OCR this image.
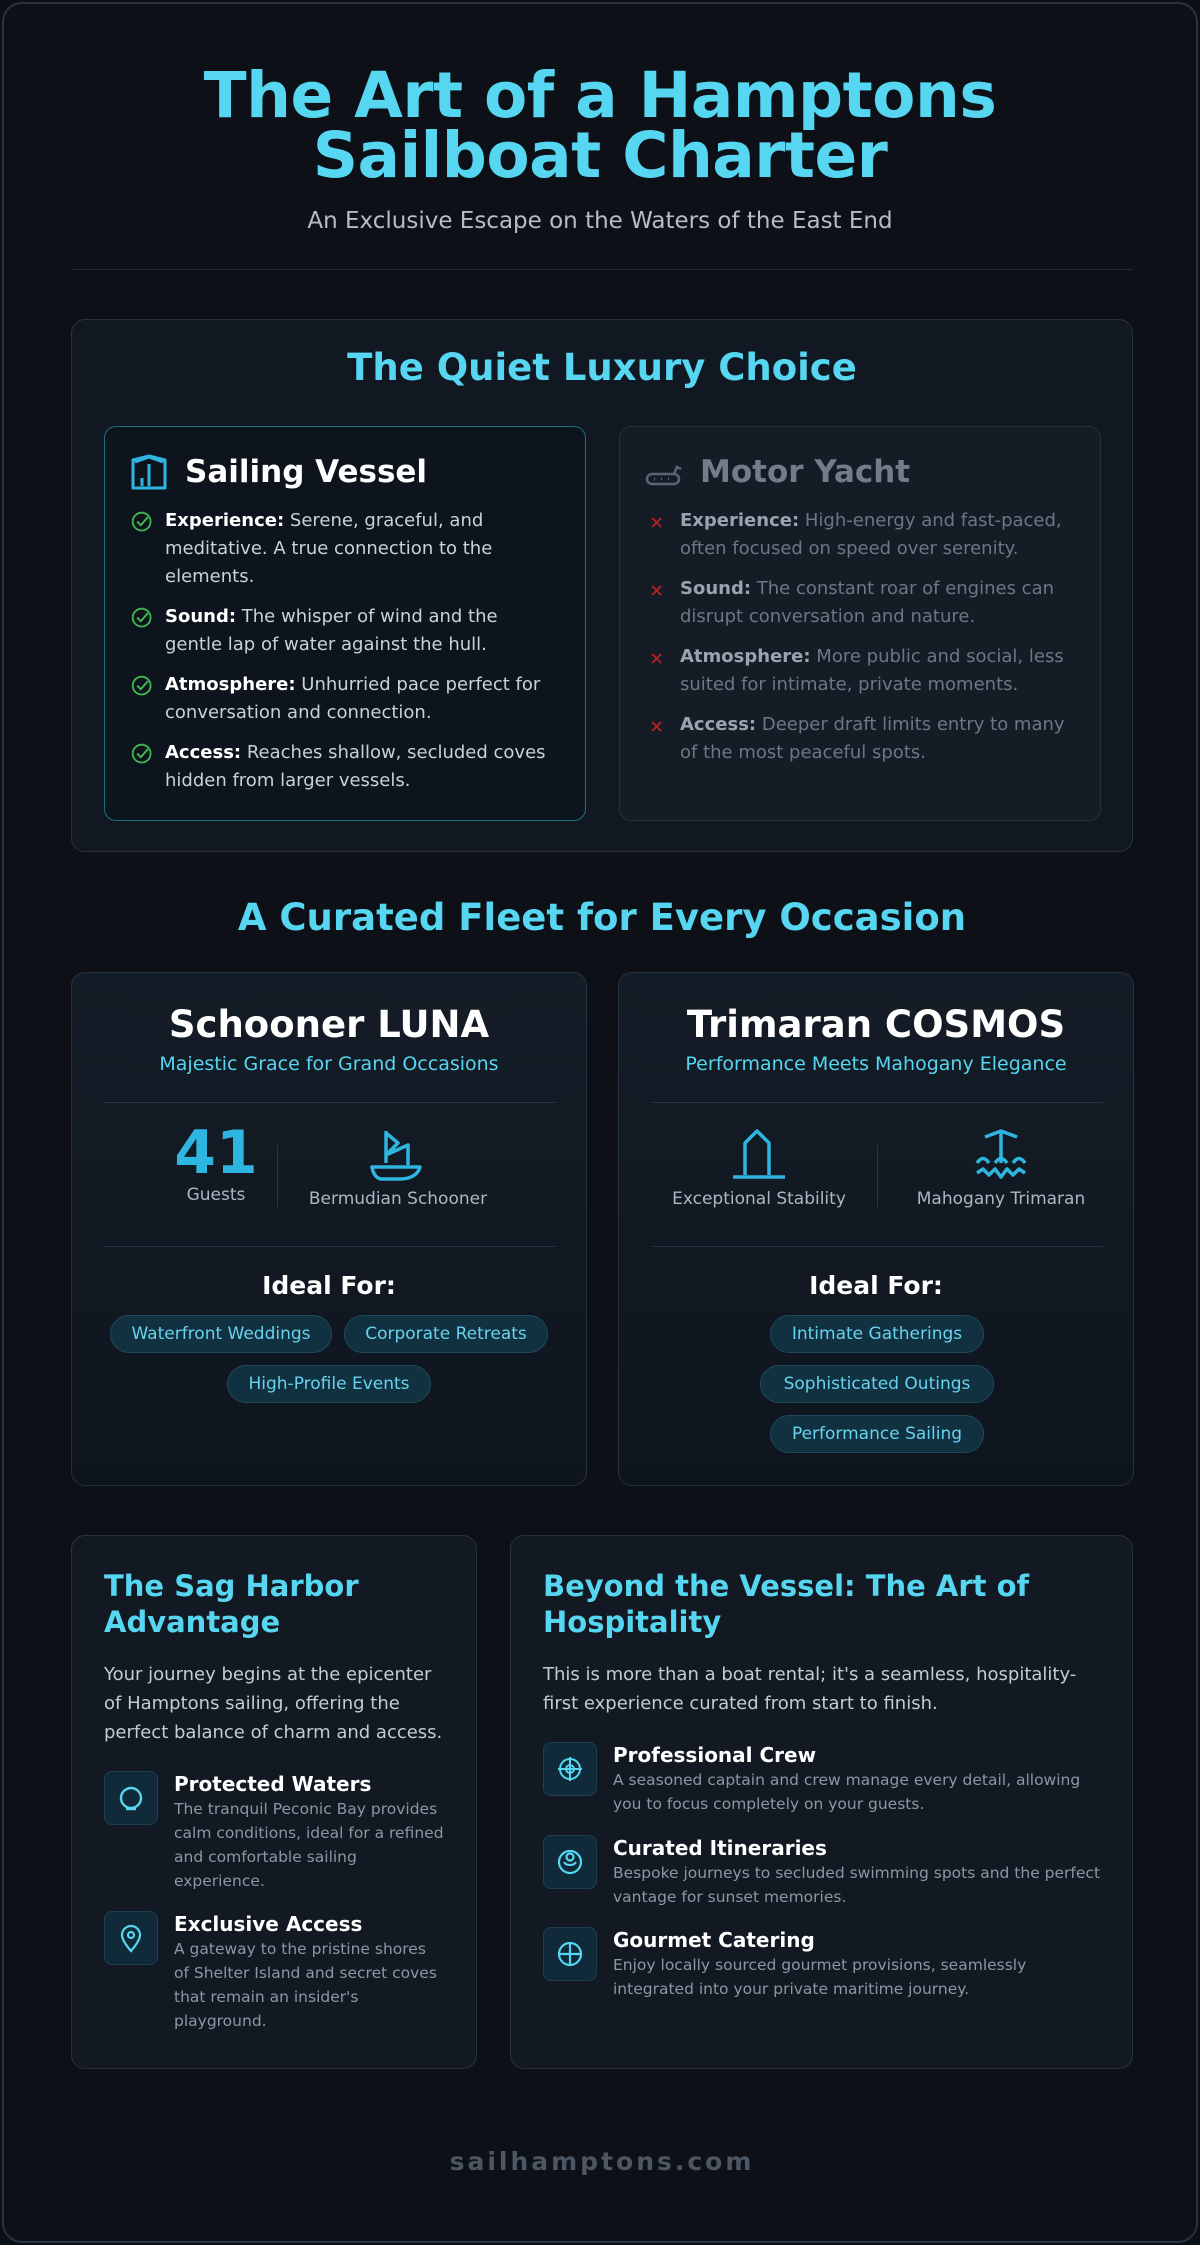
The Art of a Hamptons Sailboat Charter

An Exclusive Escape on the Waters of the East End

The Quiet Luxury Choice
Sailing Vessel
Experience: Serene, graceful, and meditative. A true connection to the elements.
Sound: The whisper of wind and the gentle lap of water against the hull.
Atmosphere: Unhurried pace perfect for conversation and connection.
Access: Reaches shallow, secluded coves hidden from larger vessels.
Motor Yacht
Experience: High-energy and fast-paced, often focused on speed over serenity.
Sound: The constant roar of engines can disrupt conversation and nature.
Atmosphere: More public and social, less suited for intimate, private moments.
Access: Deeper draft limits entry to many of the most peaceful spots.
A Curated Fleet for Every Occasion
Schooner LUNA
Majestic Grace for Grand Occasions
41
Guests	Bermudian Schooner
Ideal For:
Waterfront Weddings	Corporate Retreats
High-Profile Events
Trimaran COSMOS
Performance Meets Mahogany Elegance
Exceptional Stability	Mahogany Trimaran
Ideal For:
Intimate Gatherings
Sophisticated Outings
Performance Sailing
The Sag Harbor Advantage
Your journey begins at the epicenter of Hamptons sailing, offering the perfect balance of charm and access.
Protected Waters
The tranquil Peconic Bay provides calm conditions, ideal for a refined and comfortable sailing experience.
Exclusive Access
A gateway to the pristine shores of Shelter Island and secret coves that remain an insider's playground.
Beyond the Vessel: The Art of Hospitality
This is more than a boat rental; it's a seamless, hospitality-first experience curated from start to finish.
Professional Crew
A seasoned captain and crew manage every detail, allowing you to focus completely on your guests.
Curated Itineraries
Bespoke journeys to secluded swimming spots and the perfect vantage for sunset memories.
Gourmet Catering
Enjoy locally sourced gourmet provisions, seamlessly integrated into your private maritime journey.
sailhamptons.com
